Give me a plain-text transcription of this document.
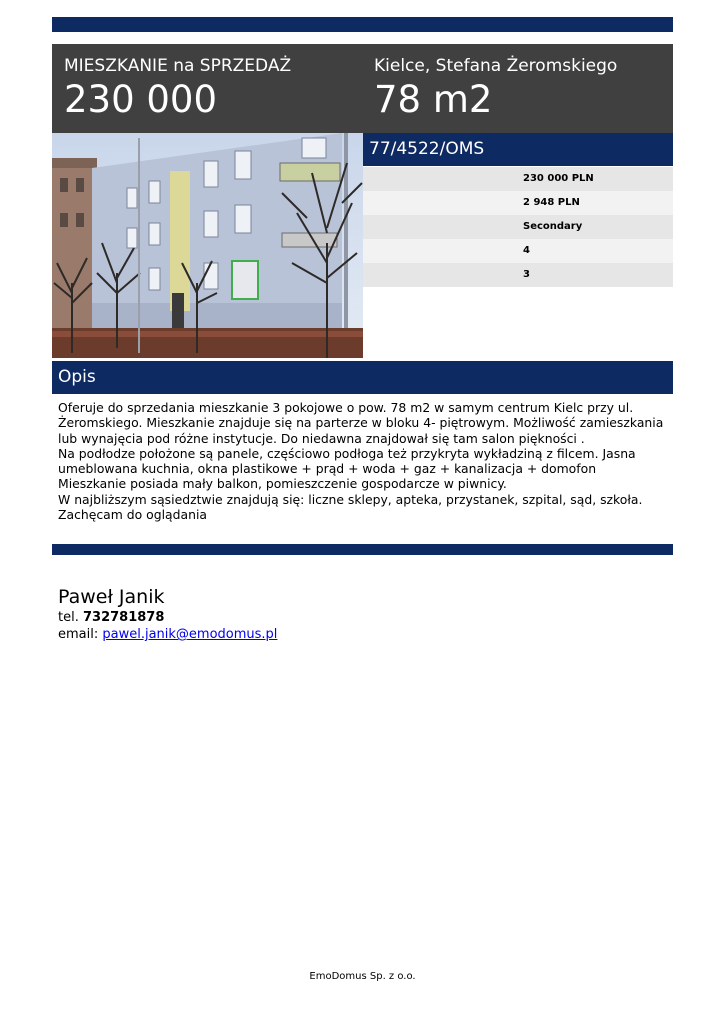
MIESZKANIE na SPRZEDAŻ
230 000
Kielce, Stefana Żeromskiego
78 m2
77/4522/OMS
230 000 PLN
2 948 PLN
Secondary
4
3
Opis

Oferuje do sprzedania mieszkanie 3 pokojowe o pow. 78 m2 w samym centrum Kielc przy ul. Żeromskiego. Mieszkanie znajduje się na parterze w bloku 4- piętrowym. Możliwość zamieszkania lub wynajęcia pod różne instytucje. Do niedawna znajdował się tam salon piękności .

Na podłodze położone są panele, częściowo podłoga też przykryta wykładziną z filcem. Jasna umeblowana kuchnia, okna plastikowe + prąd + woda + gaz + kanalizacja + domofon

Mieszkanie posiada mały balkon, pomieszczenie gospodarcze w piwnicy.

W najbliższym sąsiedztwie znajdują się: liczne sklepy, apteka, przystanek, szpital, sąd, szkoła.

Zachęcam do oglądania

Paweł Janik
tel. 732781878
email: pawel.janik@emodomus.pl
EmoDomus Sp. z o.o.
